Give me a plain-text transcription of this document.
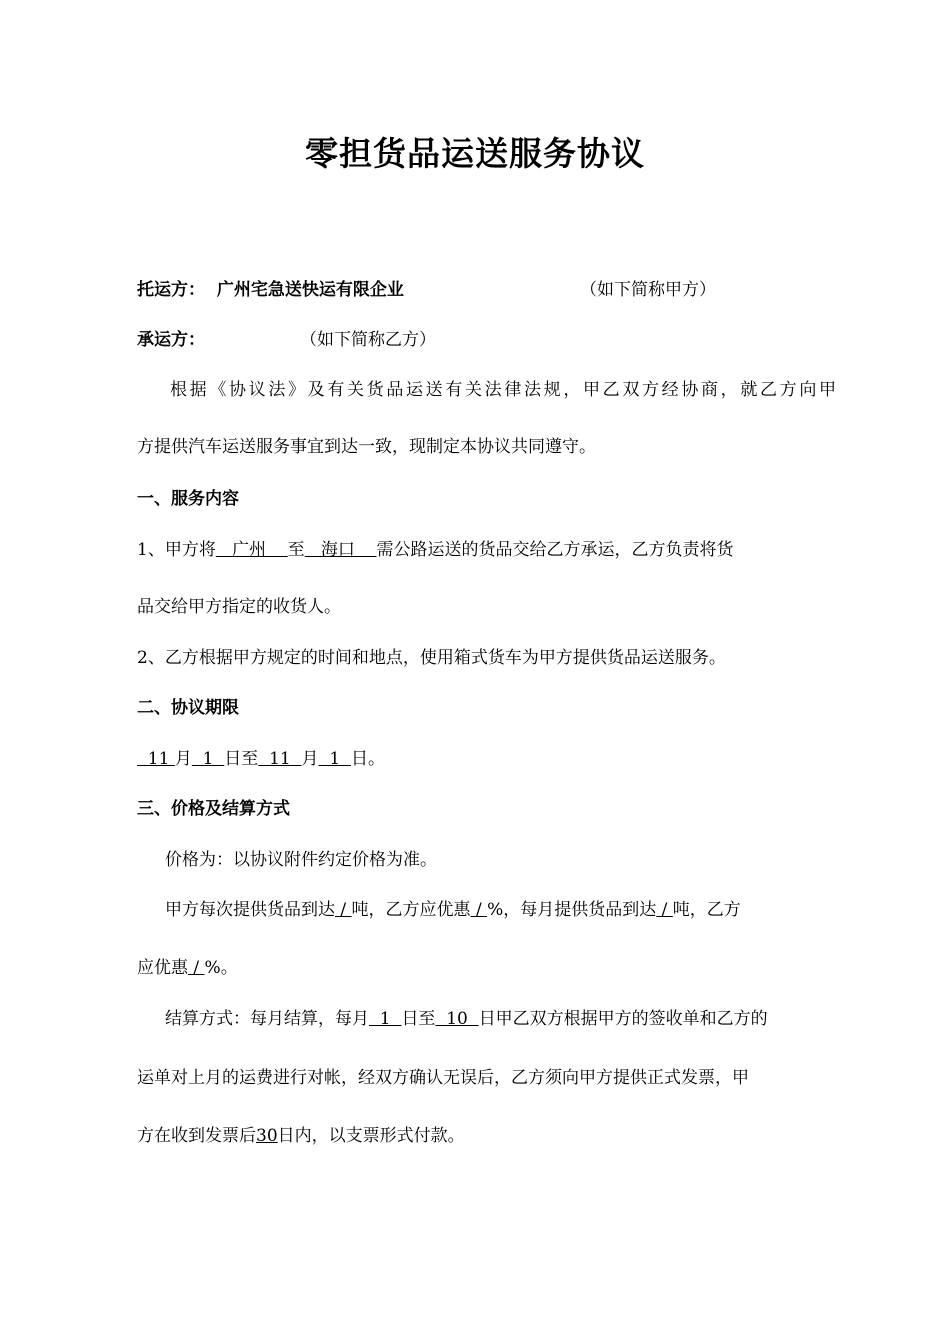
零担货品运送服务协议
托运方： 广州宅急送快运有限企业	（如下简称甲方）
承运方：	（如下简称乙方）
根据《协议法》及有关货品运送有关法律法规，甲乙双方经协商，就乙方向甲
方提供汽车运送服务事宜到达一致，现制定本协议共同遵守。
一、服务内容
1、甲方将   广州    至   海口    需公路运送的货品交给乙方承运，乙方负责将货
品交给甲方指定的收货人。
2、乙方根据甲方规定的时间和地点，使用箱式货车为甲方提供货品运送服务。
二、协议期限
11 月  1  日至  11  月  1  日。
三、价格及结算方式
价格为：以协议附件约定价格为准。
甲方每次提供货品到达 / 吨，乙方应优惠 / %，每月提供货品到达 / 吨，乙方
应优惠 / %。
结算方式：每月结算，每月  1  日至  10  日甲乙双方根据甲方的签收单和乙方的
运单对上月的运费进行对帐，经双方确认无误后，乙方须向甲方提供正式发票，甲
方在收到发票后30日内，以支票形式付款。
